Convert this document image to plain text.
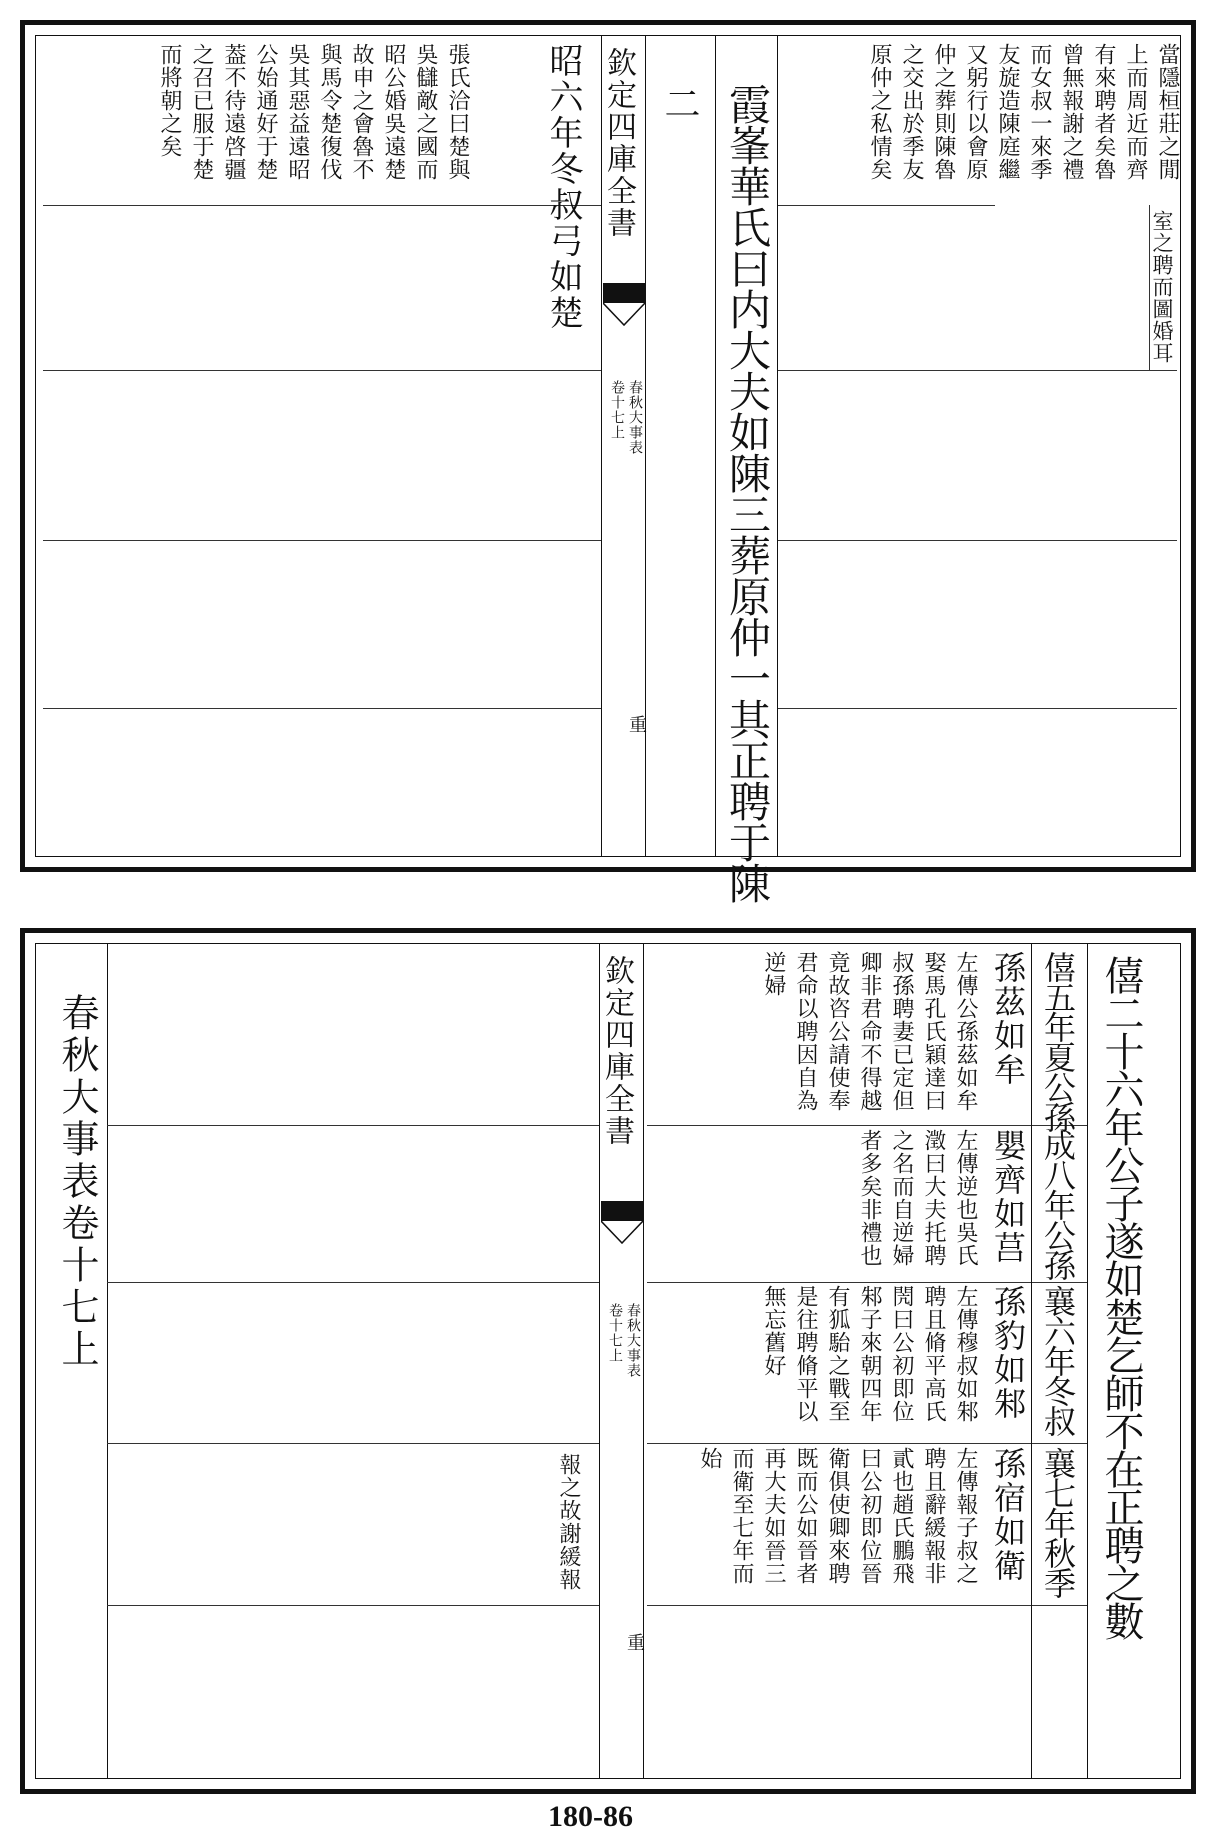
昭六年冬叔弓如楚
張氏洽曰楚與吳讎敵之國而昭公婚吳遠楚故申之會魯不與馬令楚復伐吳其惡益遠昭公始通好于楚葢不待遠啓疆之召已服于楚而將朝之矣	欽定四庫全書
春秋大事表
卷十七上
重
二 霞峯華氏曰内大夫如陳三葬原仲一其正聘于陳	當隱桓莊之閒上而周近而齊有來聘者矣魯曾無報謝之禮而女叔一來季友旋造陳庭繼又躬行以會原仲之葬則陳魯之交出於季友原仲之私情矣
室之聘而圖婚耳
春秋大事表卷十七上
報之故謝緩報
欽定四庫全書
春秋大事表
卷十七上
重
僖二十六年公子遂如楚乞師不在正聘之數
僖五年夏公孫
孫茲如牟
左傳公孫茲如牟娶馬孔氏穎達曰叔孫聘妻已定但卿非君命不得越竟故咨公請使奉君命以聘因自為逆婦
成八年公孫
嬰齊如莒
左傳逆也吳氏澂曰大夫托聘之名而自逆婦者多矣非禮也
襄六年冬叔
孫豹如邾
左傳穆叔如邾聘且脩平高氏閌曰公初即位邾子來朝四年有狐駘之戰至是往聘脩平以無忘舊好
襄七年秋季
孫宿如衛
左傳報子叔之聘且辭緩報非貳也趙氏鵬飛曰公初即位晉衛俱使卿來聘既而公如晉者再大夫如晉三而衛至七年而始
180-86
